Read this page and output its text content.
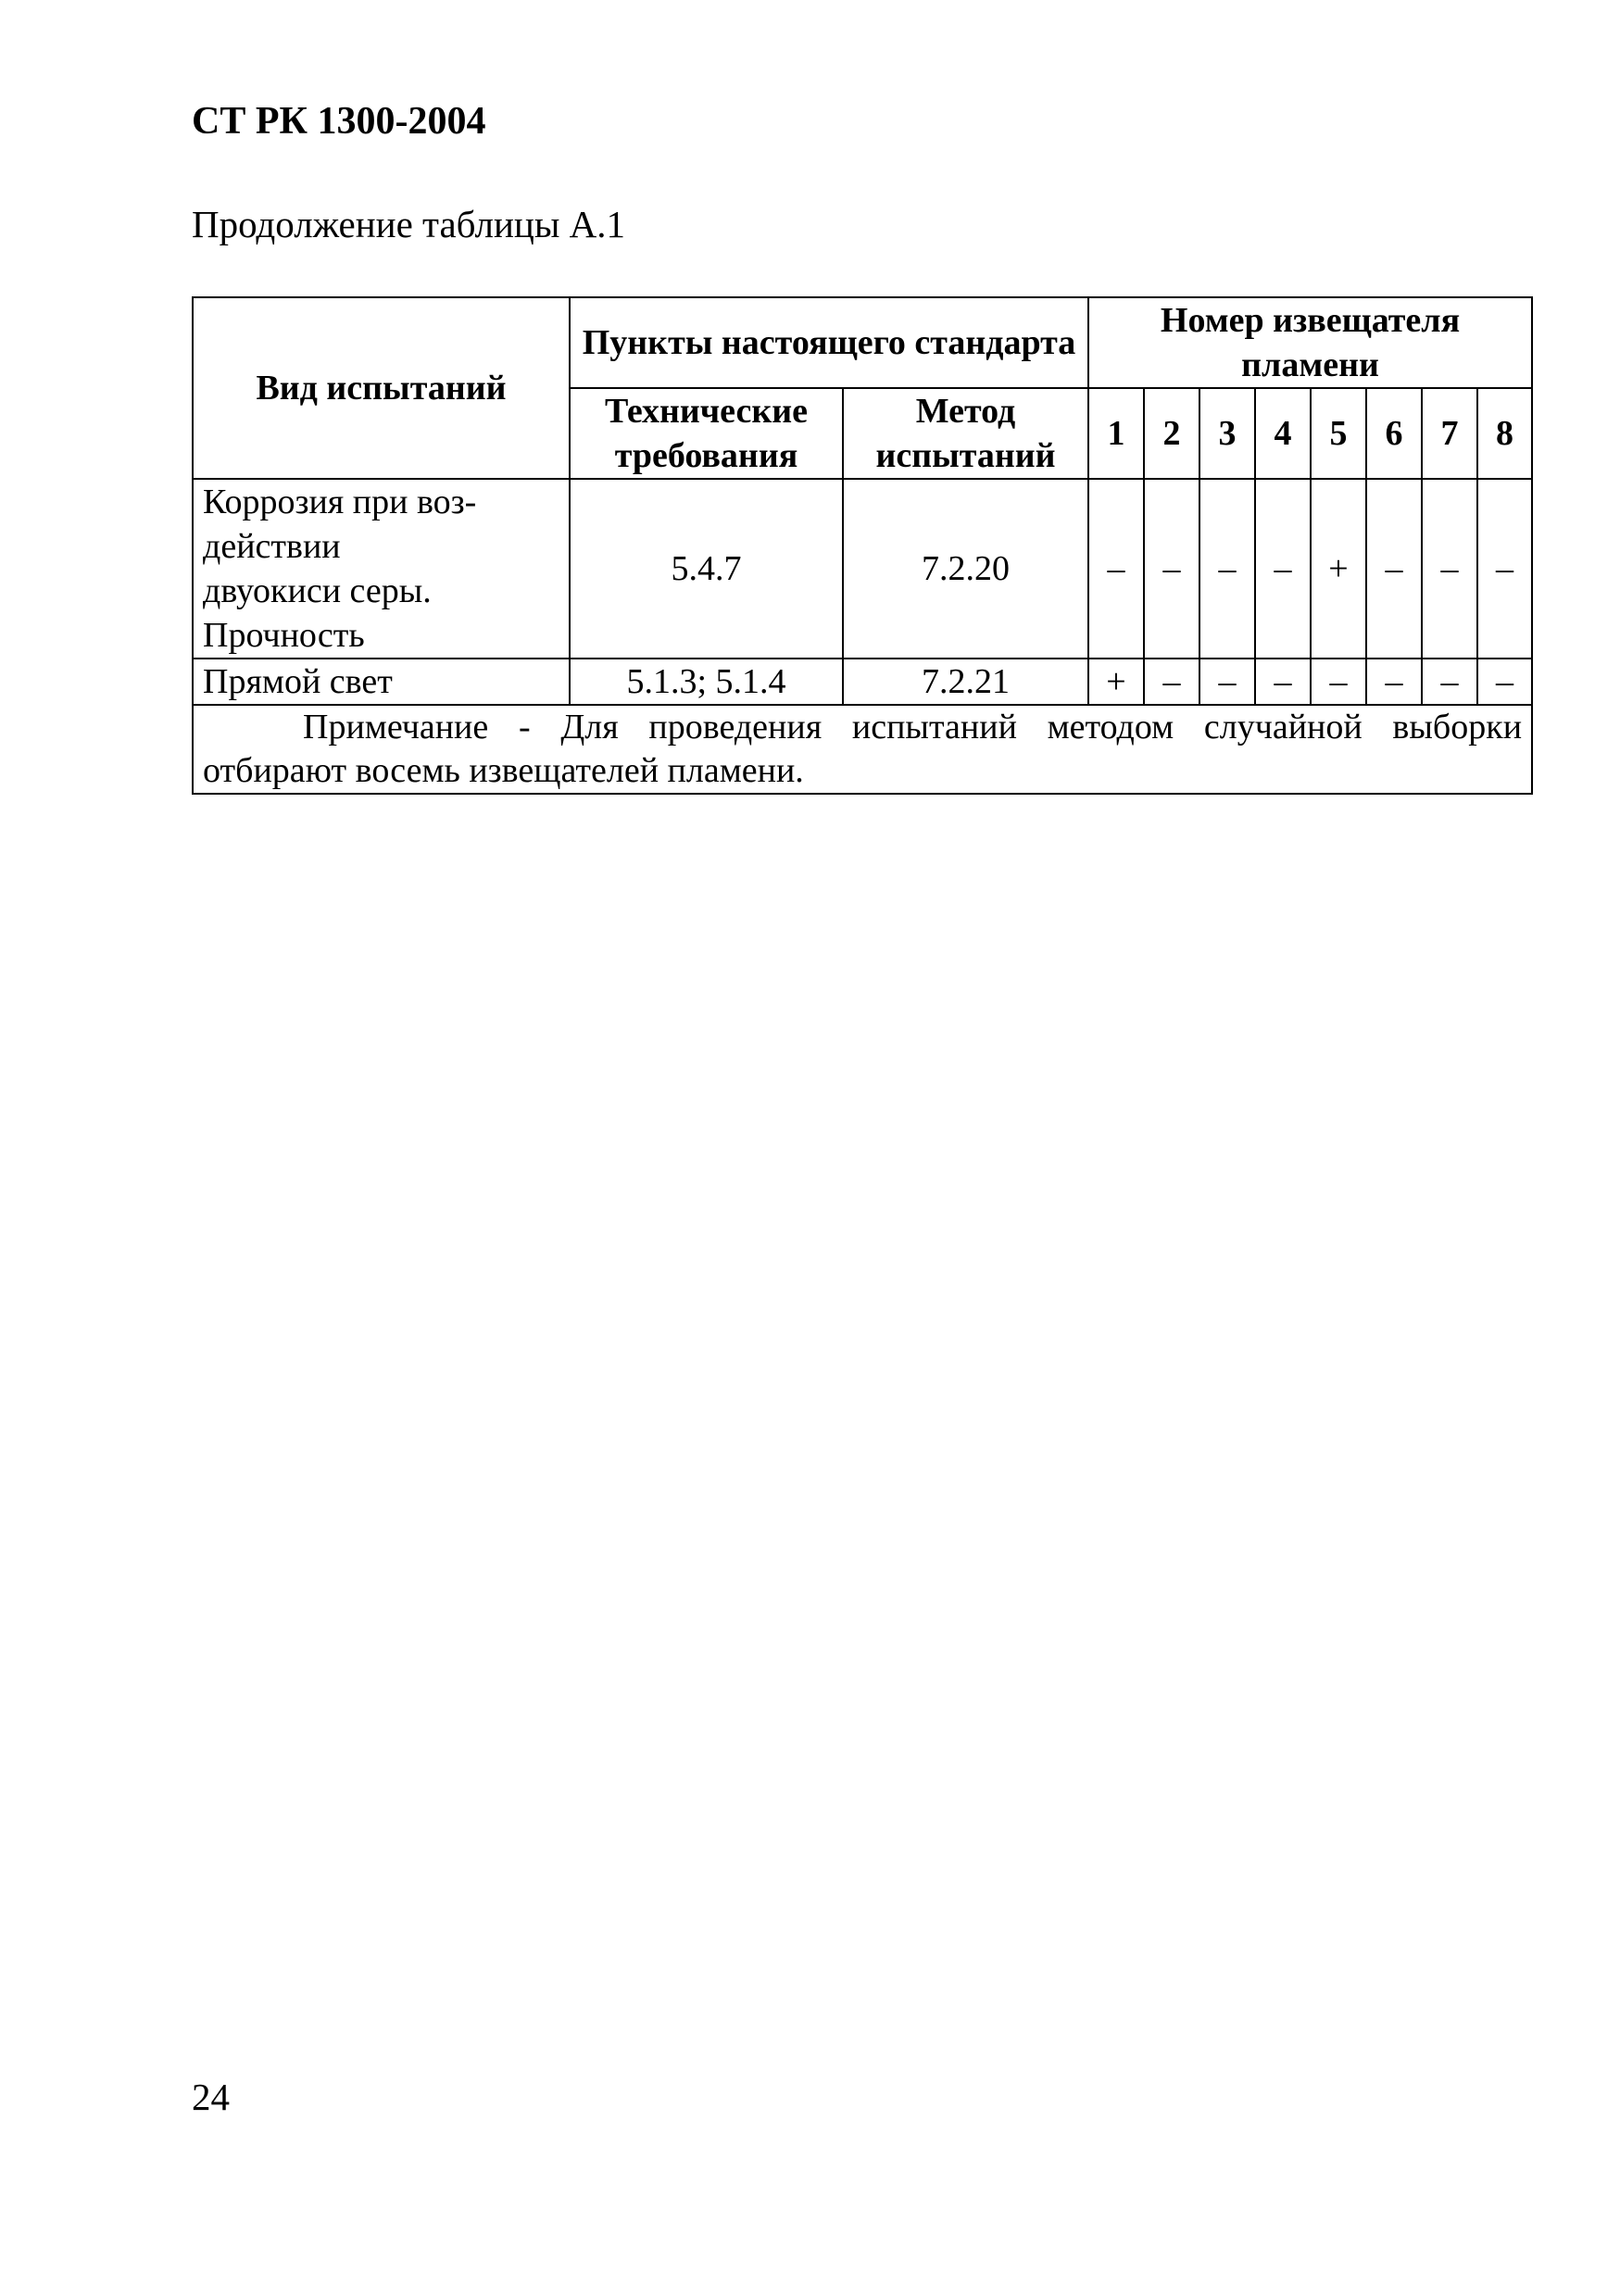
СТ РК 1300-2004
Продолжение таблицы А.1
Вид испытаний	Пункты настоящего стандарта		Номер извещателя пламени							
	Технические требования	Метод испытаний	1	2	3	4	5	6	7	8

Коррозия при воз-
действии
двуокиси серы.
Прочность	5.4.7	7.2.20	–	–	–	–	+	–	–	–

Прямой свет	5.1.3; 5.1.4	7.2.21	+	–	–	–	–	–	–	–

Примечание - Для проведения испытаний методом случайной выборки отбирают восемь извещателей пламени.										
24
